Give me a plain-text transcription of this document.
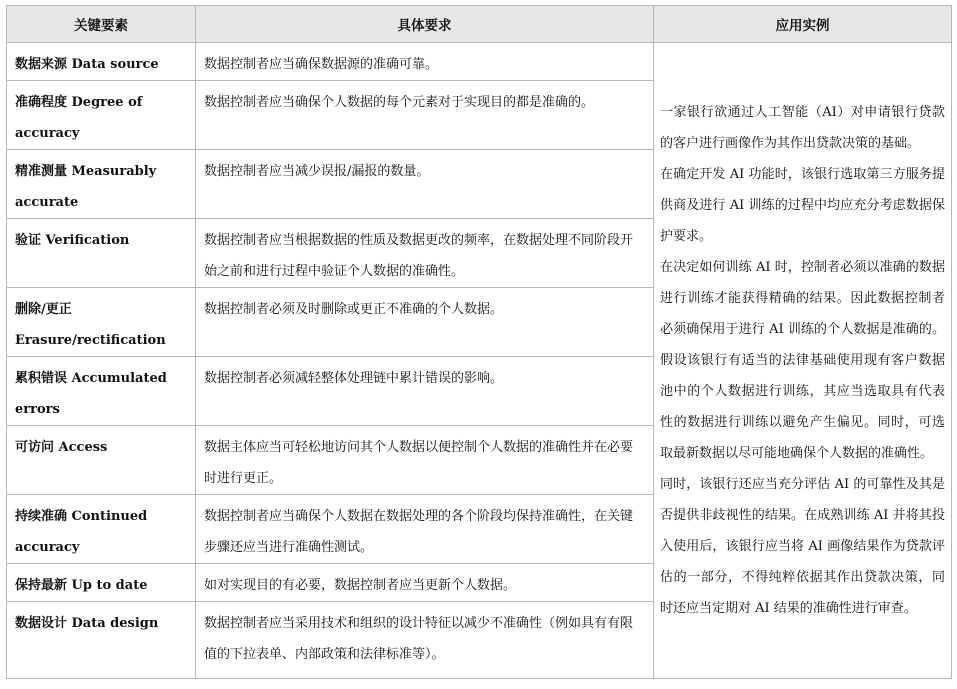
关键要素	具体要求	应用实例
数据来源 Data source	数据控制者应当确保数据源的准确可靠。	一家银行欲通过人工智能（AI）对申请银行贷款的客户进行画像作为其作出贷款决策的基础。
在确定开发 AI 功能时，该银行选取第三方服务提供商及进行 AI 训练的过程中均应充分考虑数据保护要求。
在决定如何训练 AI 时，控制者必须以准确的数据进行训练才能获得精确的结果。因此数据控制者必须确保用于进行 AI 训练的个人数据是准确的。假设该银行有适当的法律基础使用现有客户数据池中的个人数据进行训练，其应当选取具有代表性的数据进行训练以避免产生偏见。同时，可选取最新数据以尽可能地确保个人数据的准确性。
同时，该银行还应当充分评估 AI 的可靠性及其是否提供非歧视性的结果。在成熟训练 AI 并将其投入使用后，该银行应当将 AI 画像结果作为贷款评估的一部分，不得纯粹依据其作出贷款决策，同时还应当定期对 AI 结果的准确性进行审查。

准确程度 Degree of accuracy	数据控制者应当确保个人数据的每个元素对于实现目的都是准确的。	
精准测量 Measurably accurate	数据控制者应当减少误报/漏报的数量。	
验证 Verification	数据控制者应当根据数据的性质及数据更改的频率，在数据处理不同阶段开始之前和进行过程中验证个人数据的准确性。	
删除/更正 Erasure/rectification	数据控制者必须及时删除或更正不准确的个人数据。	
累积错误 Accumulated errors	数据控制者必须减轻整体处理链中累计错误的影响。	
可访问 Access	数据主体应当可轻松地访问其个人数据以便控制个人数据的准确性并在必要时进行更正。	
持续准确 Continued accuracy	数据控制者应当确保个人数据在数据处理的各个阶段均保持准确性，在关键步骤还应当进行准确性测试。	
保持最新 Up to date	如对实现目的有必要，数据控制者应当更新个人数据。	
数据设计 Data design	数据控制者应当采用技术和组织的设计特征以减少不准确性（例如具有有限值的下拉表单、内部政策和法律标准等）。	
